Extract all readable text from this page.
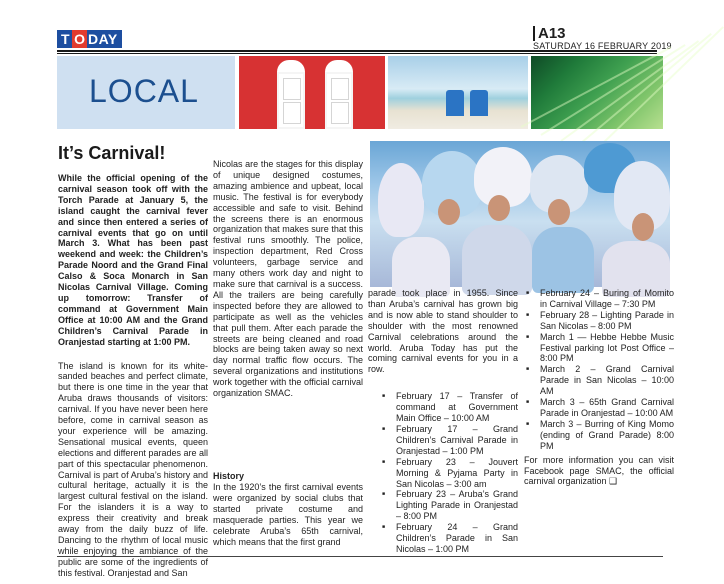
T O DAY	A13
SATURDAY 16 FEBRUARY 2019
LOCAL
It’s Carnival!

While the official opening of the carnival season took off with the Torch Parade at January 5, the island caught the carnival fever and since then entered a series of carnival events that go on until March 3. What has been past weekend and week: the Children’s Parade Noord and the Grand Final Calso & Soca Monarch in San Nicolas Carnival Village. Coming up tomorrow: Transfer of command at Government Main Office at 10:00 AM and the Grand Children’s Carnival Parade in Oranjestad starting at 1:00 PM.

The island is known for its white-sanded beaches and perfect climate, but there is one time in the year that Aruba draws thousands of visitors: carnival. If you have never been here before, come in carnival season as your experience will be amazing. Sensational musical events, queen elections and different parades are all part of this spectacular phenomenon. Carnival is part of Aruba’s history and cultural heritage, actually it is the largest cultural festival on the island. For the islanders it is a way to express their creativity and break away from the daily buzz of life. Dancing to the rhythm of local music while enjoying the ambiance of the public are some of the ingredients of this festival. Oranjestad and San

Nicolas are the stages for this display of unique designed costumes, amazing ambience and upbeat, local music. The festival is for everybody accessible and safe to visit. Behind the screens there is an enormous organization that makes sure that this festival runs smoothly. The police, inspection department, Red Cross volunteers, garbage service and many others work day and night to make sure that carnival is a success. All the trailers are being carefully inspected before they are allowed to participate as well as the vehicles that pull them. After each parade the streets are being cleaned and road blocks are being taken away so next day normal traffic flow occurs. The several organizations and institutions work together with the official carnival organization SMAC.

History

In the 1920’s the first carnival events were organized by social clubs that started private costume and masquerade parties. This year we celebrate Aruba’s 65th carnival, which means that the first grand

parade took place in 1955. Since than Aruba’s carnival has grown big and is now able to stand shoulder to shoulder with the most renowned Carnival celebrations around the world. Aruba Today has put the coming carnival events for you in a row.

■ February 17 – Transfer of command at Government Main Office – 10:00 AM
■ February 17 – Grand Children’s Carnival Parade in Oranjestad – 1:00 PM
■ February 23 – Jouvert Morning & Pyjama Party in San Nicolas – 3:00 am
■ February 23 – Aruba’s Grand Lighting Parade in Oranjestad – 8:00 PM
■ February 24 – Grand Children’s Parade in San Nicolas – 1:00 PM
■ February 24 – Buring of Momito in Carnival Village – 7:30 PM
■ February 28 – Lighting Parade in San Nicolas – 8:00 PM
■ March 1 — Hebbe Hebbe Music Festival parking lot Post Office – 8:00 PM
■ March 2 – Grand Carnival Parade in San Nicolas – 10:00 AM
■ March 3 – 65th Grand Carnival Parade in Oranjestad – 10:00 AM
■ March 3 – Burring of King Momo (ending of Grand Parade) 8:00 PM

For more information you can visit Facebook page SMAC, the official carnival organization ❑
